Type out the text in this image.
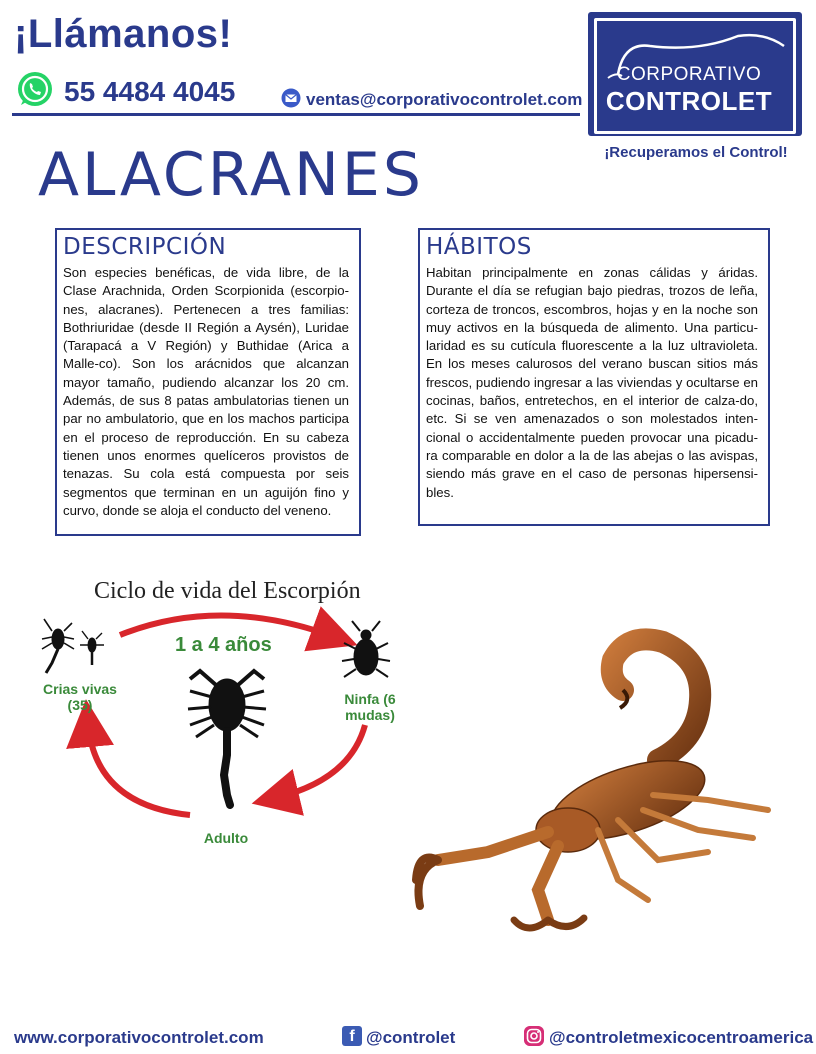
¡Llámanos!
55 4484 4045	ventas@corporativocontrolet.com
CORPORATIVO
CONTROLET
¡Recuperamos el Control!
ALACRANES
DESCRIPCIÓN
Son especies benéficas, de vida libre, de la Clase Arachnida, Orden Scorpionida (escorpio-nes, alacranes). Pertenecen a tres familias: Bothriuridae (desde II Región a Aysén), Luridae (Tarapacá a V Región) y Buthidae (Arica a Malle-co). Son los arácnidos que alcanzan mayor tamaño, pudiendo alcanzar los 20 cm. Además, de sus 8 patas ambulatorias tienen un par no ambulatorio, que en los machos participa en el proceso de reproducción. En su cabeza tienen unos enormes quelíceros provistos de tenazas. Su cola está compuesta por seis segmentos que terminan en un aguijón fino y curvo, donde se aloja el conducto del veneno.
HÁBITOS
Habitan principalmente en zonas cálidas y áridas. Durante el día se refugian bajo piedras, trozos de leña, corteza de troncos, escombros, hojas y en la noche son muy activos en la búsqueda de alimento. Una particu-laridad es su cutícula fluorescente a la luz ultravioleta. En los meses calurosos del verano buscan sitios más frescos, pudiendo ingresar a las viviendas y ocultarse en cocinas, baños, entretechos, en el interior de calza-do, etc. Si se ven amenazados o son molestados inten-cional o accidentalmente pueden provocar una picadu-ra comparable en dolor a la de las abejas o las avispas, siendo más grave en el caso de personas hipersensi-bles.
Ciclo de vida del Escorpión
1 a 4 años
Crias vivas (35)	Ninfa (6 mudas)
Adulto
www.corporativocontrolet.com	f @controlet	@controletmexicocentroamerica
